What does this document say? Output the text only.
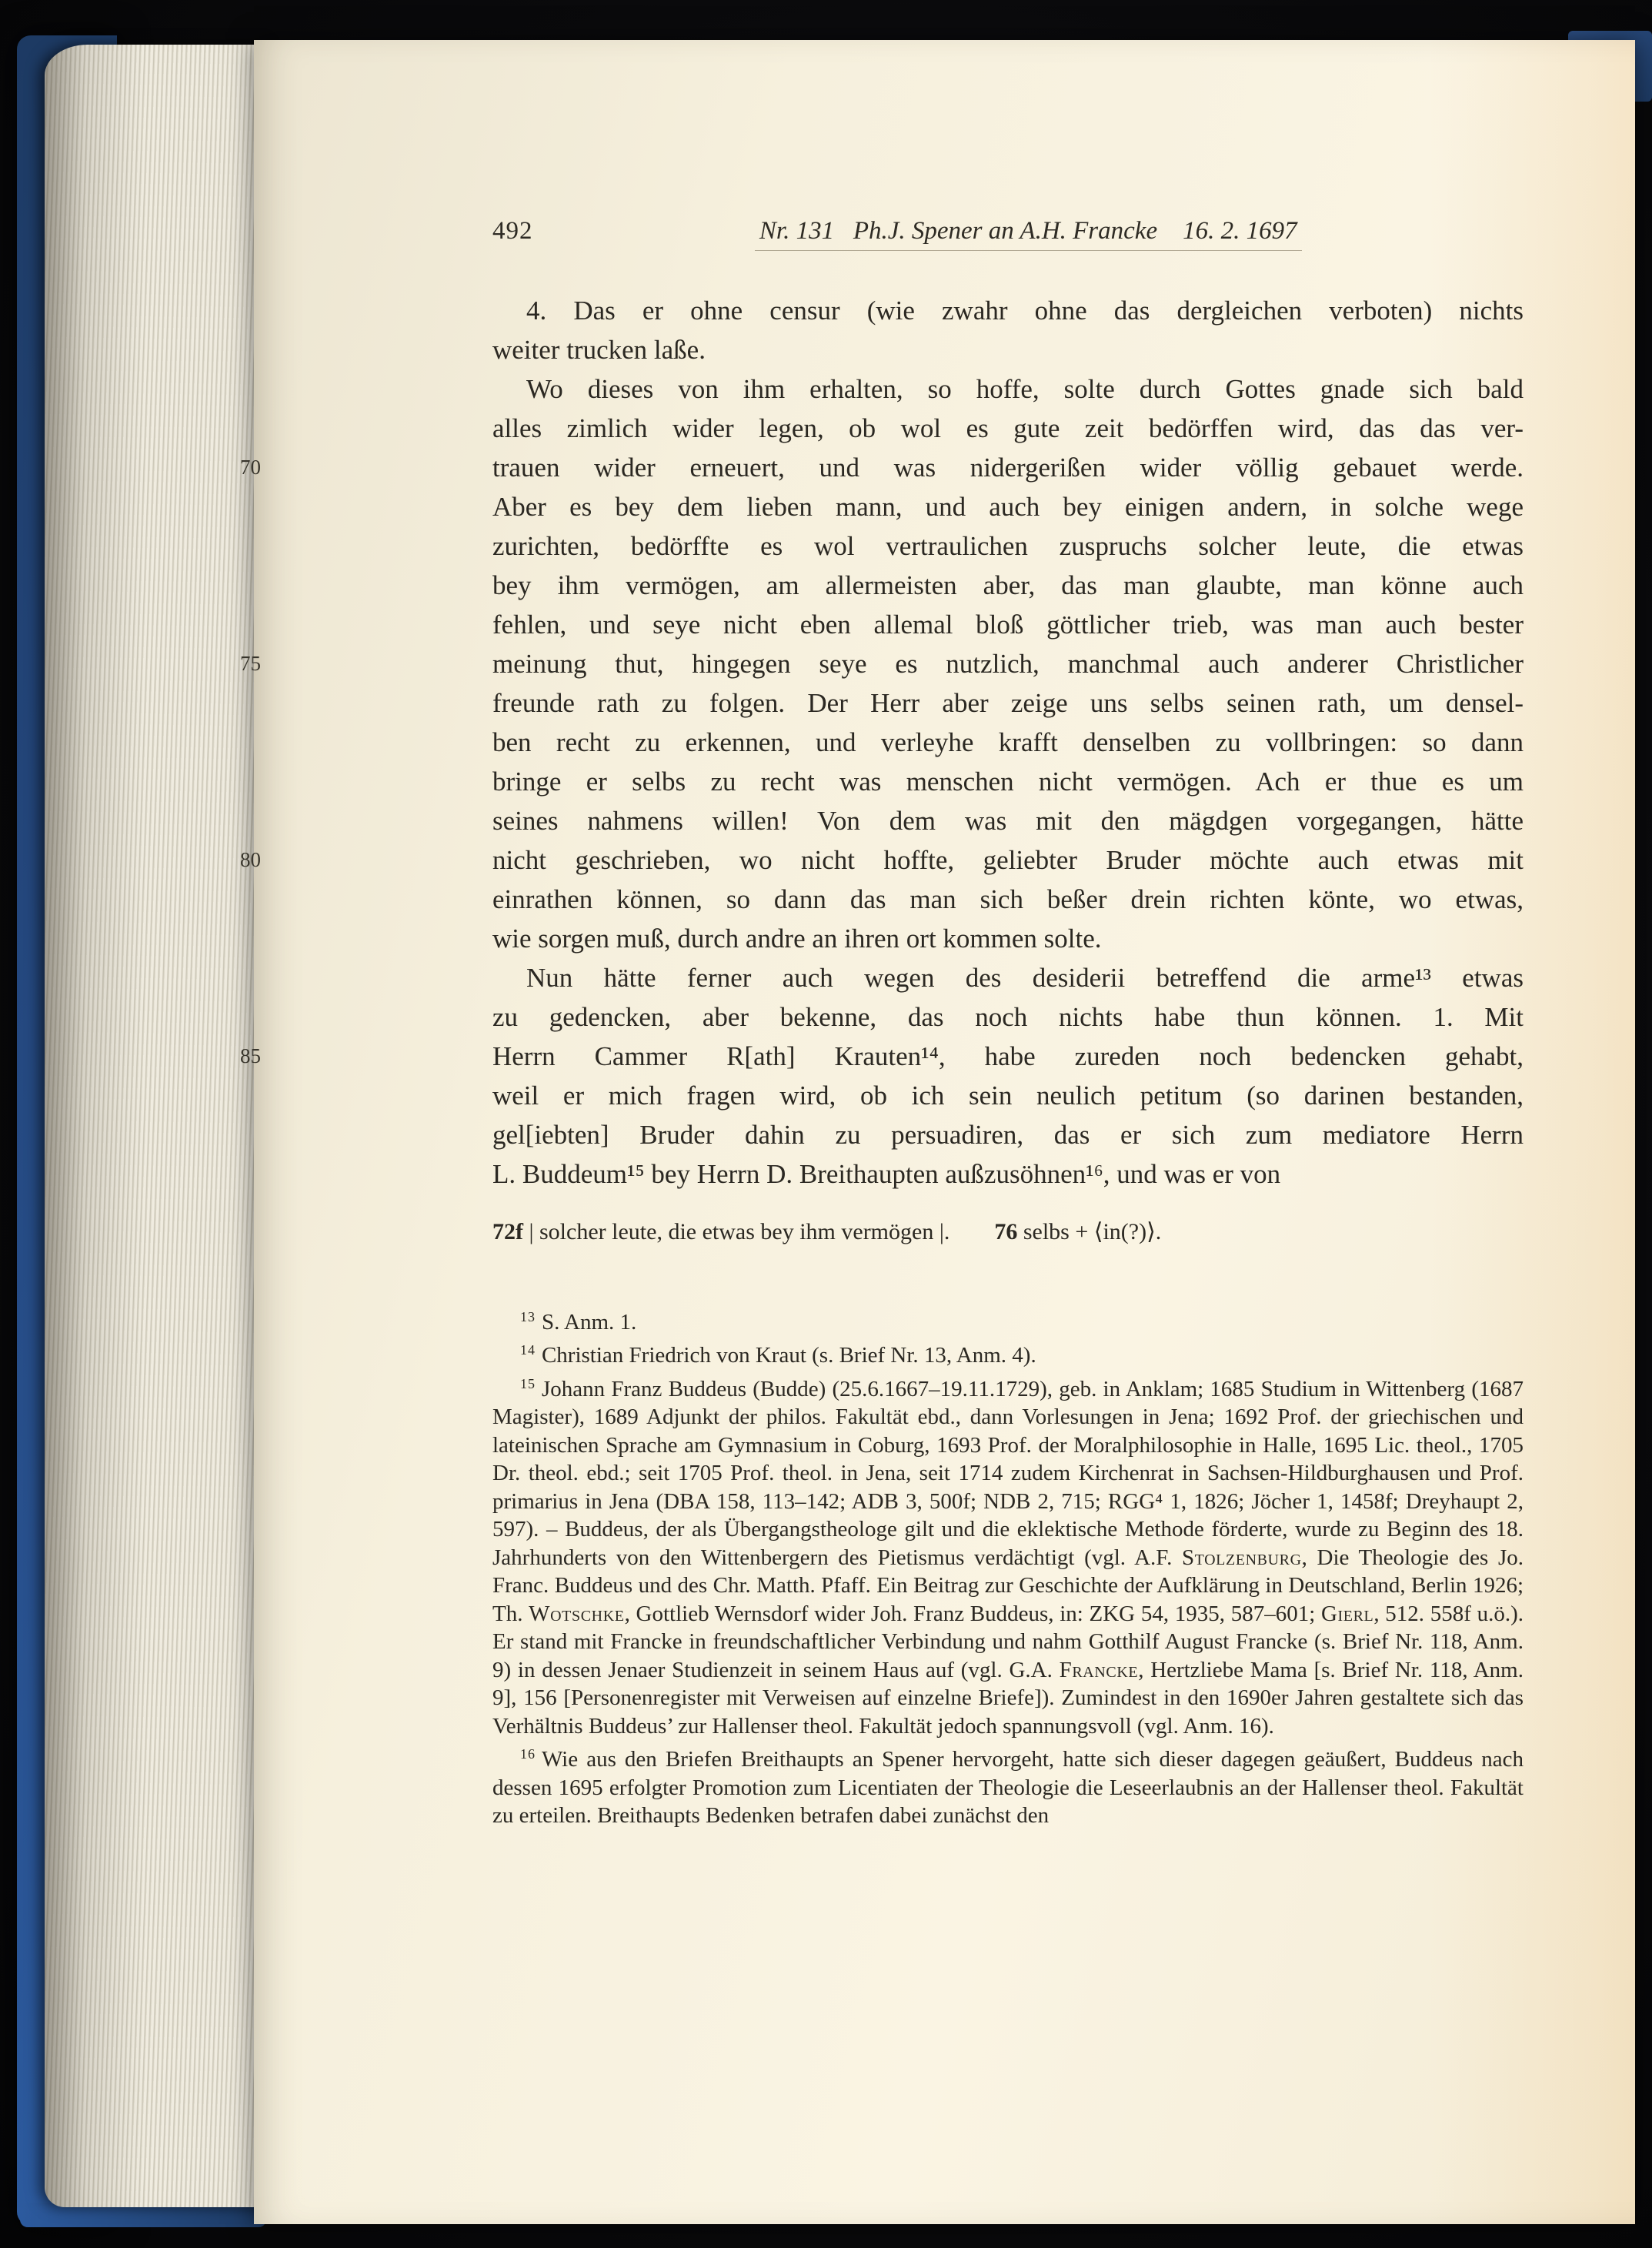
492	Nr. 131   Ph.J. Spener an A.H. Francke    16. 2. 1697
4. Das er ohne censur (wie zwahr ohne das dergleichen verboten) nichts
weiter trucken laße.
Wo dieses von ihm erhalten, so hoffe, solte durch Gottes gnade sich bald
alles zimlich wider legen, ob wol es gute zeit bedörffen wird, das das ver-
70	trauen wider erneuert, und was nidergerißen wider völlig gebauet werde.
Aber es bey dem lieben mann, und auch bey einigen andern, in solche wege
zurichten, bedörffte es wol vertraulichen zuspruchs solcher leute, die etwas
bey ihm vermögen, am allermeisten aber, das man glaubte, man könne auch
fehlen, und seye nicht eben allemal bloß göttlicher trieb, was man auch bester
75	meinung thut, hingegen seye es nutzlich, manchmal auch anderer Christlicher
freunde rath zu folgen. Der Herr aber zeige uns selbs seinen rath, um densel-
ben recht zu erkennen, und verleyhe krafft denselben zu vollbringen: so dann
bringe er selbs zu recht was menschen nicht vermögen. Ach er thue es um
seines nahmens willen! Von dem was mit den mägdgen vorgegangen, hätte
80	nicht geschrieben, wo nicht hoffte, geliebter Bruder möchte auch etwas mit
einrathen können, so dann das man sich beßer drein richten könte, wo etwas,
wie sorgen muß, durch andre an ihren ort kommen solte.
Nun hätte ferner auch wegen des desiderii betreffend die arme¹³ etwas
zu gedencken, aber bekenne, das noch nichts habe thun können. 1. Mit
85	Herrn Cammer R[ath] Krauten¹⁴, habe zureden noch bedencken gehabt,
weil er mich fragen wird, ob ich sein neulich petitum (so darinen bestanden,
gel[iebten] Bruder dahin zu persuadiren, das er sich zum mediatore Herrn
L. Buddeum¹⁵ bey Herrn D. Breithaupten außzusöhnen¹⁶, und was er von
72f | solcher leute, die etwas bey ihm vermögen |. 76 selbs + ⟨in(?)⟩.

$^{13}$ S. Anm. 1.

$^{14}$ Christian Friedrich von Kraut (s. Brief Nr. 13, Anm. 4).

$^{15}$ Johann Franz Buddeus (Budde) (25.6.1667–19.11.1729), geb. in Anklam; 1685 Studium in Wittenberg (1687 Magister), 1689 Adjunkt der philos. Fakultät ebd., dann Vorlesungen in Jena; 1692 Prof. der griechischen und lateinischen Sprache am Gymnasium in Coburg, 1693 Prof. der Moralphilosophie in Halle, 1695 Lic. theol., 1705 Dr. theol. ebd.; seit 1705 Prof. theol. in Jena, seit 1714 zudem Kirchenrat in Sachsen-Hildburghausen und Prof. primarius in Jena (DBA 158, 113–142; ADB 3, 500f; NDB 2, 715; RGG⁴ 1, 1826; Jöcher 1, 1458f; Dreyhaupt 2, 597). – Buddeus, der als Übergangstheologe gilt und die eklektische Methode förderte, wurde zu Beginn des 18. Jahrhunderts von den Wittenbergern des Pietismus verdächtigt (vgl. A.F. Stolzenburg, Die Theologie des Jo. Franc. Buddeus und des Chr. Matth. Pfaff. Ein Beitrag zur Geschichte der Aufklärung in Deutschland, Berlin 1926; Th. Wotschke, Gottlieb Wernsdorf wider Joh. Franz Buddeus, in: ZKG 54, 1935, 587–601; Gierl, 512. 558f u.ö.). Er stand mit Francke in freundschaftlicher Verbindung und nahm Gotthilf August Francke (s. Brief Nr. 118, Anm. 9) in dessen Jenaer Studienzeit in seinem Haus auf (vgl. G.A. Francke, Hertzliebe Mama [s. Brief Nr. 118, Anm. 9], 156 [Personenregister mit Verweisen auf einzelne Briefe]). Zumindest in den 1690er Jahren gestaltete sich das Verhältnis Buddeus’ zur Hallenser theol. Fakultät jedoch spannungsvoll (vgl. Anm. 16).

$^{16}$ Wie aus den Briefen Breithaupts an Spener hervorgeht, hatte sich dieser dagegen geäußert, Buddeus nach dessen 1695 erfolgter Promotion zum Licentiaten der Theologie die Leseerlaubnis an der Hallenser theol. Fakultät zu erteilen. Breithaupts Bedenken betrafen dabei zunächst den
